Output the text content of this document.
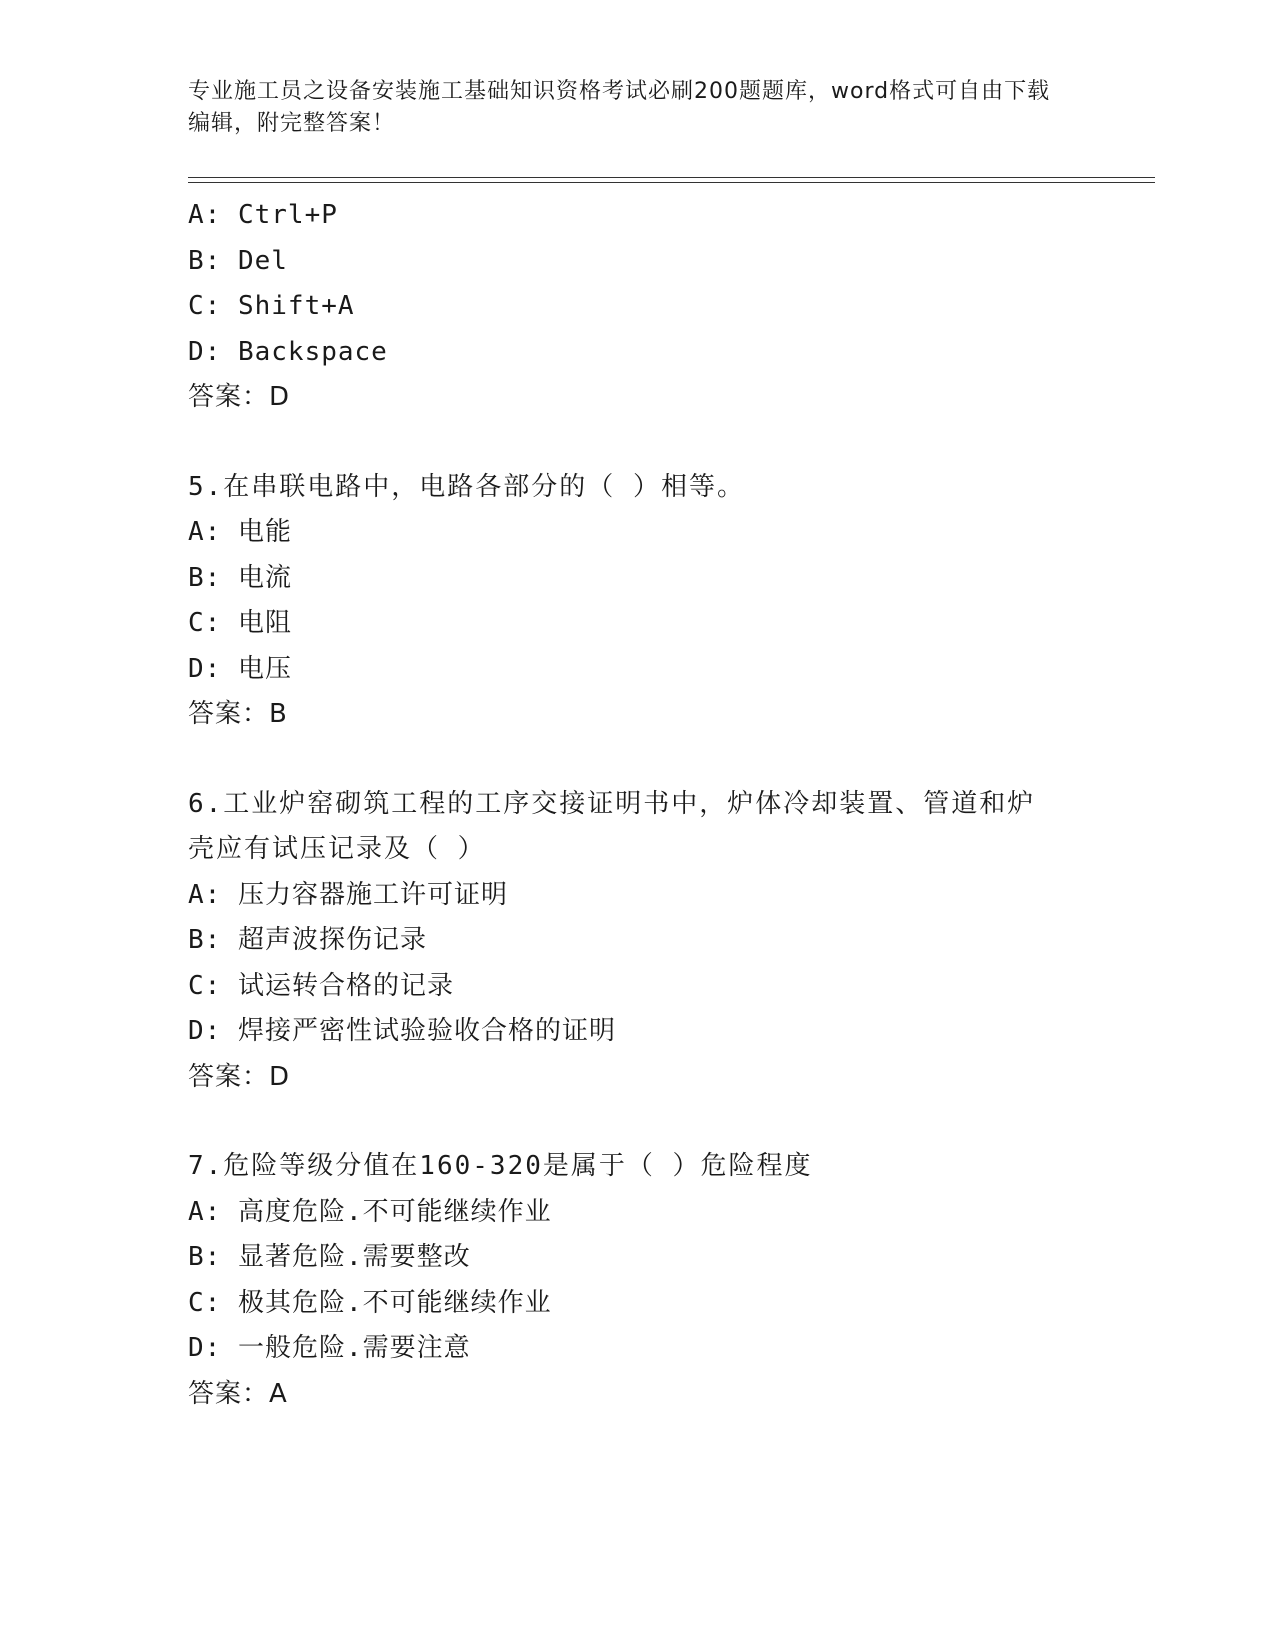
专业施工员之设备安装施工基础知识资格考试必刷200题题库，word格式可自由下载编辑，附完整答案！
A: Ctrl+P
B: Del
C: Shift+A
D: Backspace
答案：D
5.在串联电路中，电路各部分的（ ）相等。
A: 电能
B: 电流
C: 电阻
D: 电压
答案：B
6.工业炉窑砌筑工程的工序交接证明书中，炉体冷却装置、管道和炉壳应有试压记录及（ ）
A: 压力容器施工许可证明
B: 超声波探伤记录
C: 试运转合格的记录
D: 焊接严密性试验验收合格的证明
答案：D
7.危险等级分值在160-320是属于（ ）危险程度
A: 高度危险.不可能继续作业
B: 显著危险.需要整改
C: 极其危险.不可能继续作业
D: 一般危险.需要注意
答案：A
